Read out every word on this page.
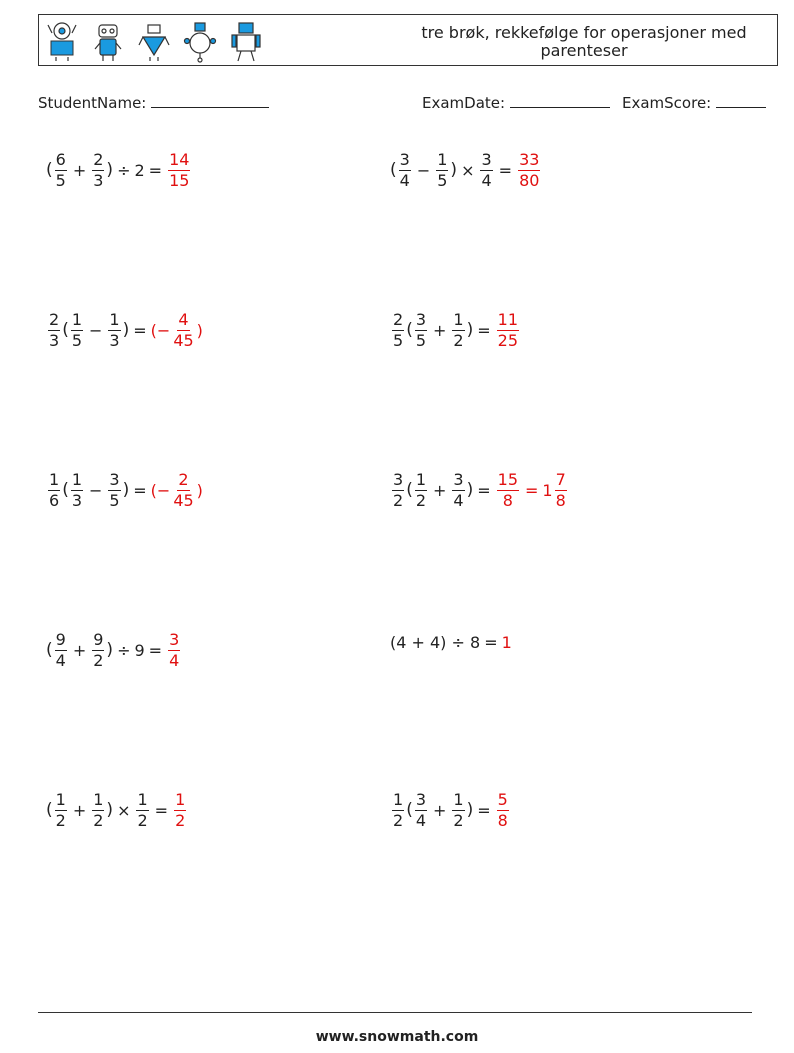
tre brøk, rekkefølge for operasjoner med parenteser
StudentName:	ExamDate:	ExamScore:
( $\frac{6}{5} + \frac{2}{3}$ ) ÷ $2 = \frac{14}{15}$	( $\frac{3}{4} - \frac{1}{5}$ ) × $\frac{3}{4} = \frac{33}{80}$
$\frac{2}{3}$ ( $\frac{1}{5} - \frac{1}{3}$ ) = (− $\frac{4}{45}$ )	$\frac{2}{5}$ ( $\frac{3}{5} + \frac{1}{2}$ ) = $\frac{11}{25}$
$\frac{1}{6}$ ( $\frac{1}{3} - \frac{3}{5}$ ) = (− $\frac{2}{45}$ )	$\frac{3}{2}$ ( $\frac{1}{2} + \frac{3}{4}$ ) = $\frac{15}{8} = 1 \frac{7}{8}$
( $\frac{9}{4} + \frac{9}{2}$ ) ÷ $9 = \frac{3}{4}$	(4 + 4) ÷ 8 = 1
( $\frac{1}{2} + \frac{1}{2}$ ) × $\frac{1}{2} = \frac{1}{2}$	$\frac{1}{2}$ ( $\frac{3}{4} + \frac{1}{2}$ ) = $\frac{5}{8}$
www.snowmath.com
